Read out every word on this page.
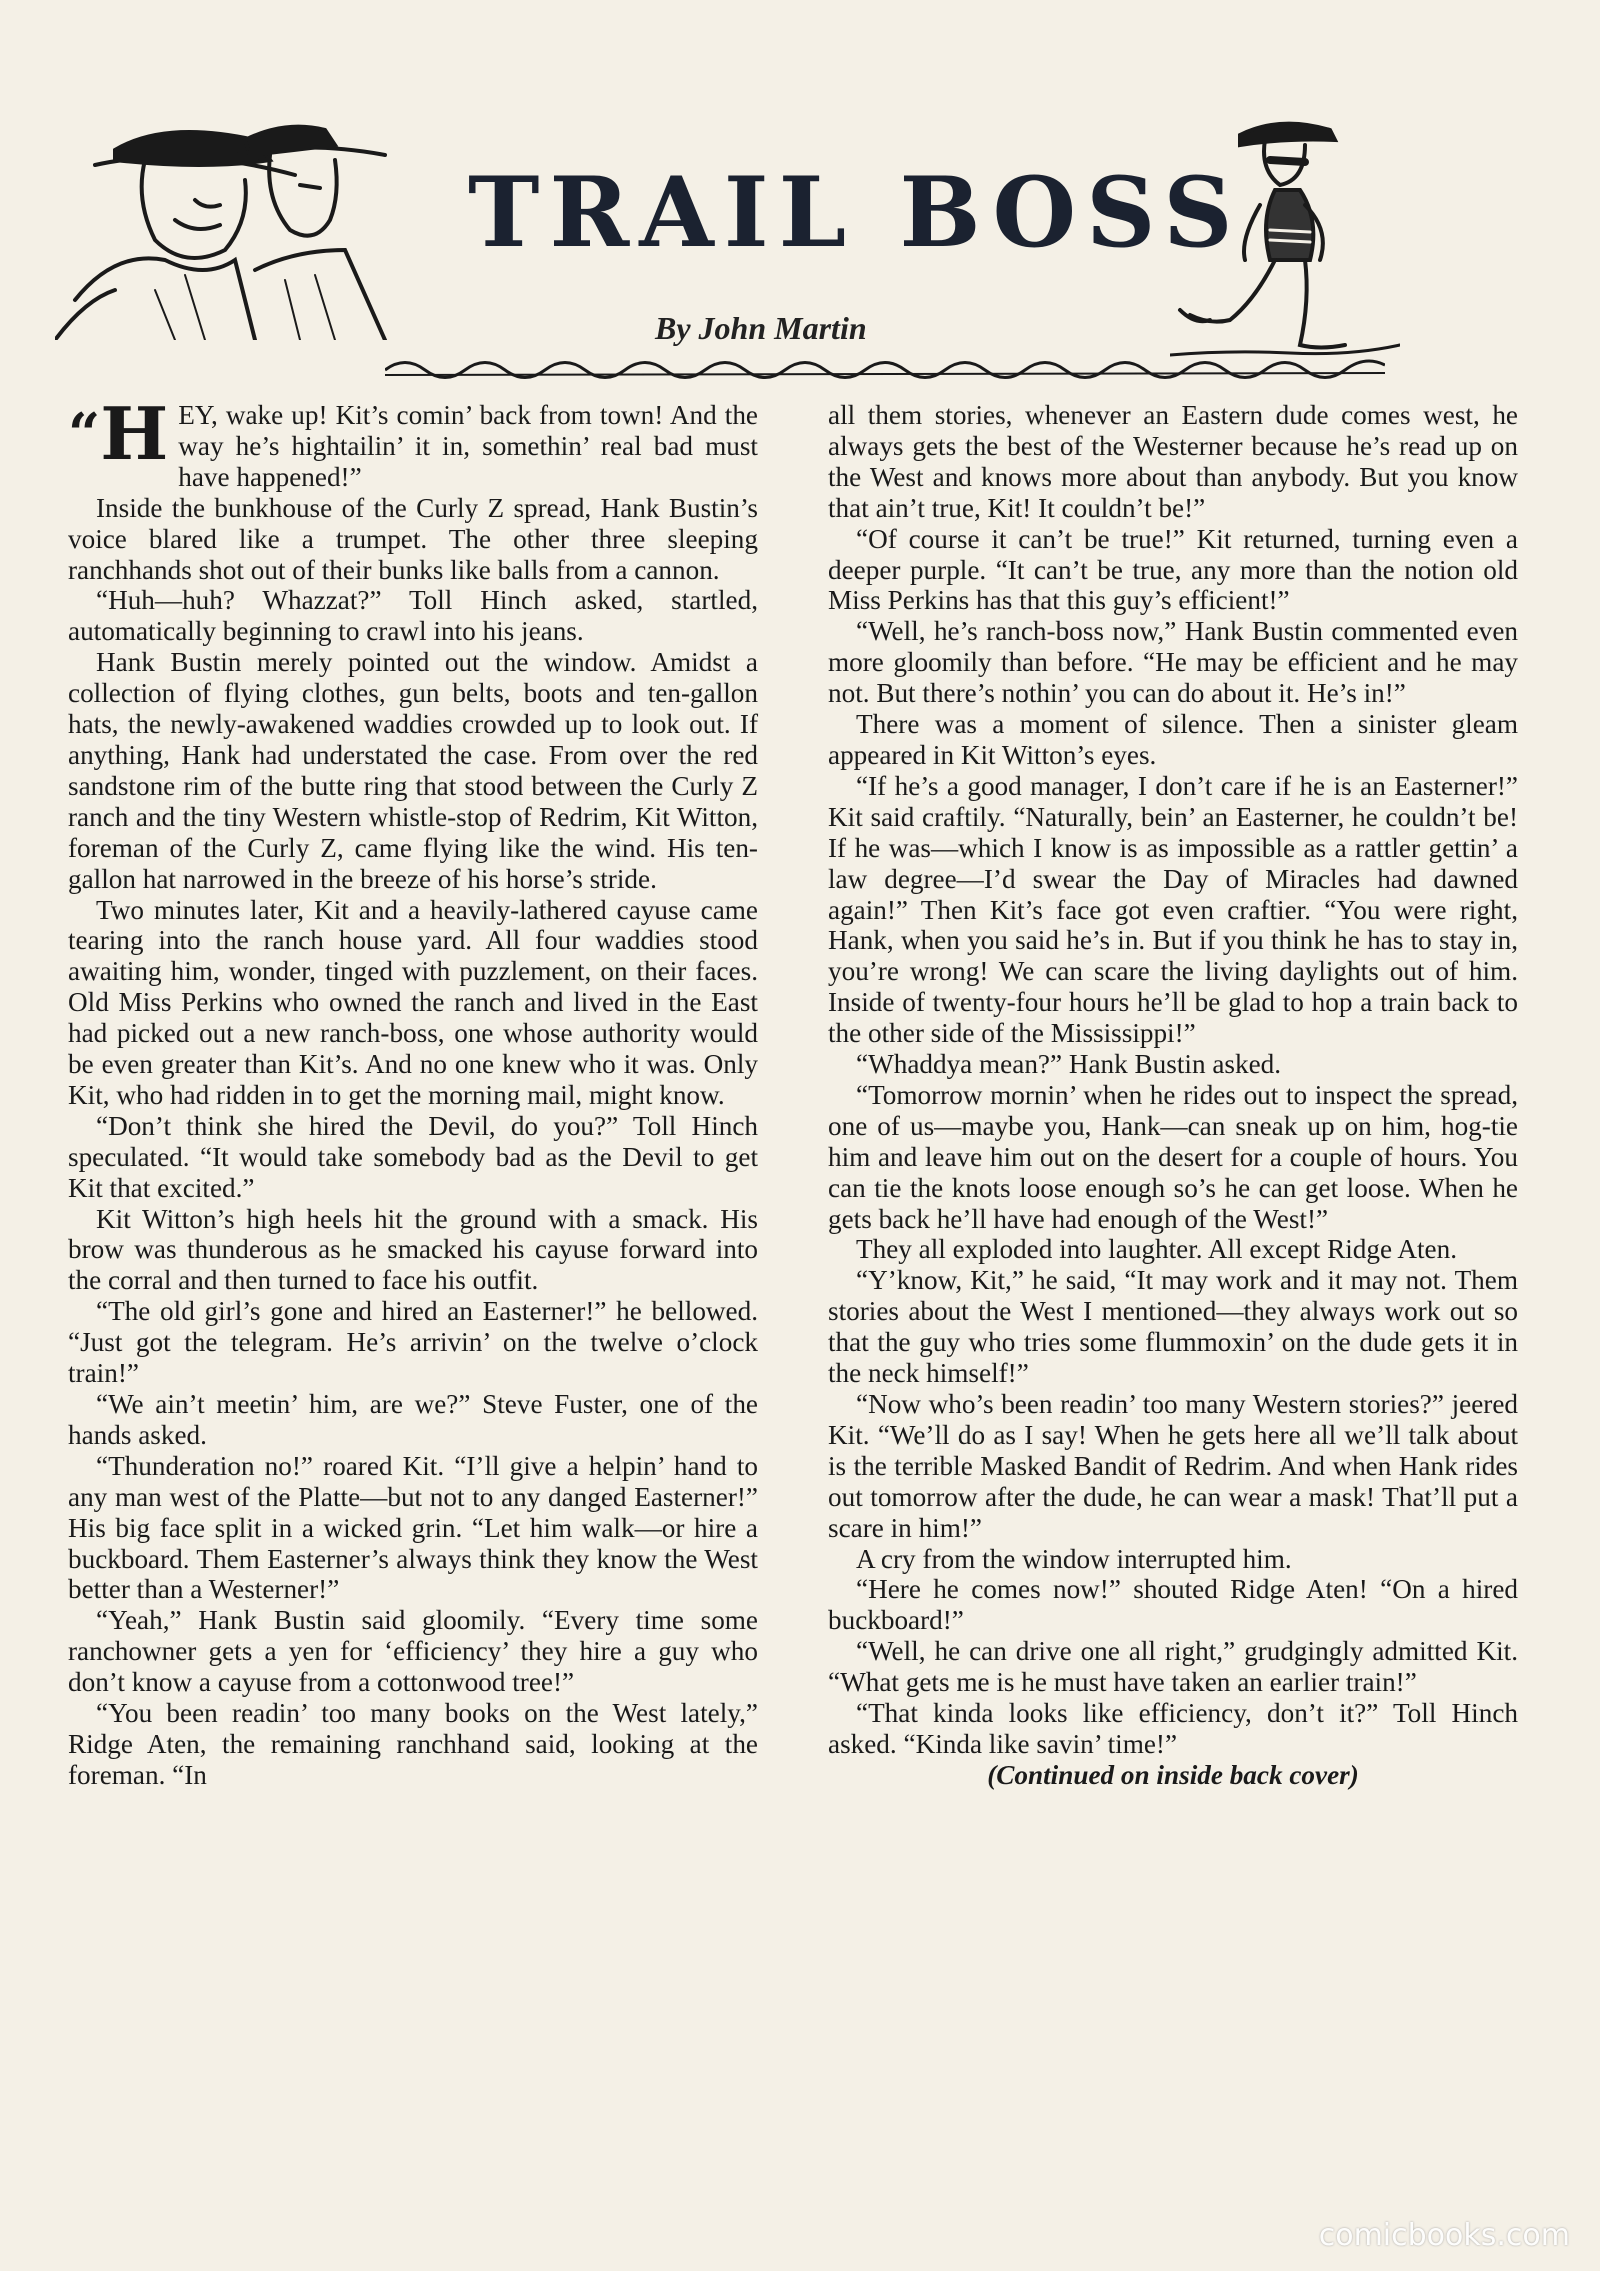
TRAIL BOSS
By John Martin

“H EY, wake up! Kit’s comin’ back from town! And the way he’s hightailin’ it in, somethin’ real bad must have happened!”

Inside the bunkhouse of the Curly Z spread, Hank Bustin’s voice blared like a trumpet. The other three sleeping ranchhands shot out of their bunks like balls from a cannon.

“Huh—huh? Whazzat?” Toll Hinch asked, startled, automatically beginning to crawl into his jeans.

Hank Bustin merely pointed out the window. Amidst a collection of flying clothes, gun belts, boots and ten-gallon hats, the newly-awakened waddies crowded up to look out. If anything, Hank had understated the case. From over the red sandstone rim of the butte ring that stood between the Curly Z ranch and the tiny Western whistle-stop of Redrim, Kit Witton, foreman of the Curly Z, came flying like the wind. His ten-gallon hat narrowed in the breeze of his horse’s stride.

Two minutes later, Kit and a heavily-lathered cayuse came tearing into the ranch house yard. All four waddies stood awaiting him, wonder, tinged with puzzlement, on their faces. Old Miss Perkins who owned the ranch and lived in the East had picked out a new ranch-boss, one whose authority would be even greater than Kit’s. And no one knew who it was. Only Kit, who had ridden in to get the morning mail, might know.

“Don’t think she hired the Devil, do you?” Toll Hinch speculated. “It would take somebody bad as the Devil to get Kit that excited.”

Kit Witton’s high heels hit the ground with a smack. His brow was thunderous as he smacked his cayuse forward into the corral and then turned to face his outfit.

“The old girl’s gone and hired an Easterner!” he bellowed. “Just got the telegram. He’s arrivin’ on the twelve o’clock train!”

“We ain’t meetin’ him, are we?” Steve Fuster, one of the hands asked.

“Thunderation no!” roared Kit. “I’ll give a helpin’ hand to any man west of the Platte—but not to any danged Easterner!” His big face split in a wicked grin. “Let him walk—or hire a buckboard. Them Easterner’s always think they know the West better than a Westerner!”

“Yeah,” Hank Bustin said gloomily. “Every time some ranchowner gets a yen for ‘efficiency’ they hire a guy who don’t know a cayuse from a cottonwood tree!”

“You been readin’ too many books on the West lately,” Ridge Aten, the remaining ranchhand said, looking at the foreman. “In

all them stories, whenever an Eastern dude comes west, he always gets the best of the Westerner because he’s read up on the West and knows more about than anybody. But you know that ain’t true, Kit! It couldn’t be!”

“Of course it can’t be true!” Kit returned, turning even a deeper purple. “It can’t be true, any more than the notion old Miss Perkins has that this guy’s efficient!”

“Well, he’s ranch-boss now,” Hank Bustin commented even more gloomily than before. “He may be efficient and he may not. But there’s nothin’ you can do about it. He’s in!”

There was a moment of silence. Then a sinister gleam appeared in Kit Witton’s eyes.

“If he’s a good manager, I don’t care if he is an Easterner!” Kit said craftily. “Naturally, bein’ an Easterner, he couldn’t be! If he was—which I know is as impossible as a rattler gettin’ a law degree—I’d swear the Day of Miracles had dawned again!” Then Kit’s face got even craftier. “You were right, Hank, when you said he’s in. But if you think he has to stay in, you’re wrong! We can scare the living daylights out of him. Inside of twenty-four hours he’ll be glad to hop a train back to the other side of the Mississippi!”

“Whaddya mean?” Hank Bustin asked.

“Tomorrow mornin’ when he rides out to inspect the spread, one of us—maybe you, Hank—can sneak up on him, hog-tie him and leave him out on the desert for a couple of hours. You can tie the knots loose enough so’s he can get loose. When he gets back he’ll have had enough of the West!”

They all exploded into laughter. All except Ridge Aten.

“Y’know, Kit,” he said, “It may work and it may not. Them stories about the West I mentioned—they always work out so that the guy who tries some flummoxin’ on the dude gets it in the neck himself!”

“Now who’s been readin’ too many Western stories?” jeered Kit. “We’ll do as I say! When he gets here all we’ll talk about is the terrible Masked Bandit of Redrim. And when Hank rides out tomorrow after the dude, he can wear a mask! That’ll put a scare in him!”

A cry from the window interrupted him.

“Here he comes now!” shouted Ridge Aten! “On a hired buckboard!”

“Well, he can drive one all right,” grudgingly admitted Kit. “What gets me is he must have taken an earlier train!”

“That kinda looks like efficiency, don’t it?” Toll Hinch asked. “Kinda like savin’ time!”

(Continued on inside back cover)

comicbooks.com
